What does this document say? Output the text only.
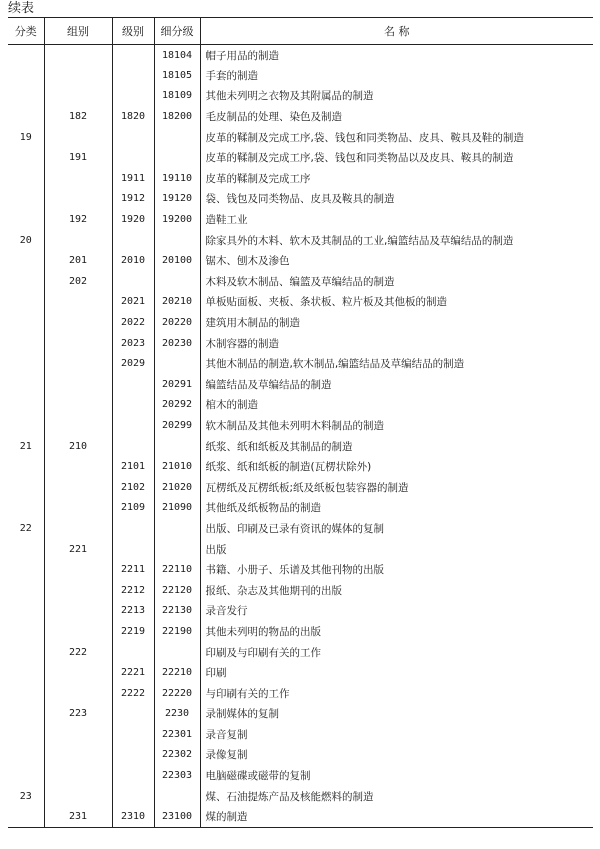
续表
分类	组别	级别	细分级	名 称
			18104	帽子用品的制造
			18105	手套的制造
			18109	其他未列明之衣物及其附属品的制造
	182	1820	18200	毛皮制品的处理、染色及制造
19				皮革的鞣制及完成工序,袋、钱包和同类物品、皮具、鞍具及鞋的制造
	191			皮革的鞣制及完成工序,袋、钱包和同类物品以及皮具、鞍具的制造
		1911	19110	皮革的鞣制及完成工序
		1912	19120	袋、钱包及同类物品、皮具及鞍具的制造
	192	1920	19200	造鞋工业
20				除家具外的木料、软木及其制品的工业,编篮结品及草编结品的制造
	201	2010	20100	锯木、刨木及渗色
	202			木料及软木制品、编篮及草编结品的制造
		2021	20210	单板贴面板、夹板、条状板、粒片板及其他板的制造
		2022	20220	建筑用木制品的制造
		2023	20230	木制容器的制造
		2029		其他木制品的制造,软木制品,编篮结品及草编结品的制造
			20291	编篮结品及草编结品的制造
			20292	棺木的制造
			20299	软木制品及其他未列明木料制品的制造
21	210			纸浆、纸和纸板及其制品的制造
		2101	21010	纸浆、纸和纸板的制造(瓦楞状除外)
		2102	21020	瓦楞纸及瓦楞纸板;纸及纸板包装容器的制造
		2109	21090	其他纸及纸板物品的制造
22				出版、印刷及已录有资讯的媒体的复制
	221			出版
		2211	22110	书籍、小册子、乐谱及其他刊物的出版
		2212	22120	报纸、杂志及其他期刊的出版
		2213	22130	录音发行
		2219	22190	其他未列明的物品的出版
	222			印刷及与印刷有关的工作
		2221	22210	印刷
		2222	22220	与印刷有关的工作
	223		2230	录制媒体的复制
			22301	录音复制
			22302	录像复制
			22303	电脑磁碟或磁带的复制
23				煤、石油提炼产品及核能燃料的制造
	231	2310	23100	煤的制造
